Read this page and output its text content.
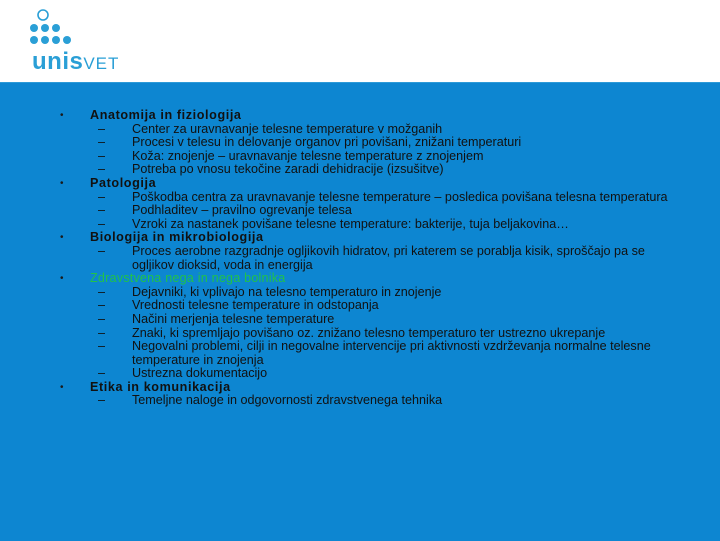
unisVET
• Anatomija in fiziologija
– Center za uravnavanje telesne temperature v možganih
– Procesi v telesu in delovanje organov pri povišani, znižani temperaturi
– Koža: znojenje – uravnavanje telesne temperature z znojenjem
– Potreba po vnosu tekočine zaradi dehidracije (izsušitve)
• Patologija
– Poškodba centra za uravnavanje telesne temperature – posledica povišana telesna temperatura
– Podhladitev – pravilno ogrevanje telesa
– Vzroki za nastanek povišane telesne temperature: bakterije, tuja beljakovina…
• Biologija in mikrobiologija
– Proces aerobne razgradnje ogljikovih hidratov, pri katerem se porablja kisik, sproščajo pa se ogljikov dioksid, voda in energija
• Zdravstvena nega in nega bolnika
– Dejavniki, ki vplivajo na telesno temperaturo in znojenje
– Vrednosti telesne temperature in odstopanja
– Načini merjenja telesne temperature
– Znaki, ki spremljajo povišano oz. znižano telesno temperaturo ter ustrezno ukrepanje
– Negovalni problemi, cilji in negovalne intervencije pri aktivnosti vzdrževanja normalne telesne temperature in znojenja
– Ustrezna dokumentacijo
• Etika in komunikacija
– Temeljne naloge in odgovornosti zdravstvenega tehnika
